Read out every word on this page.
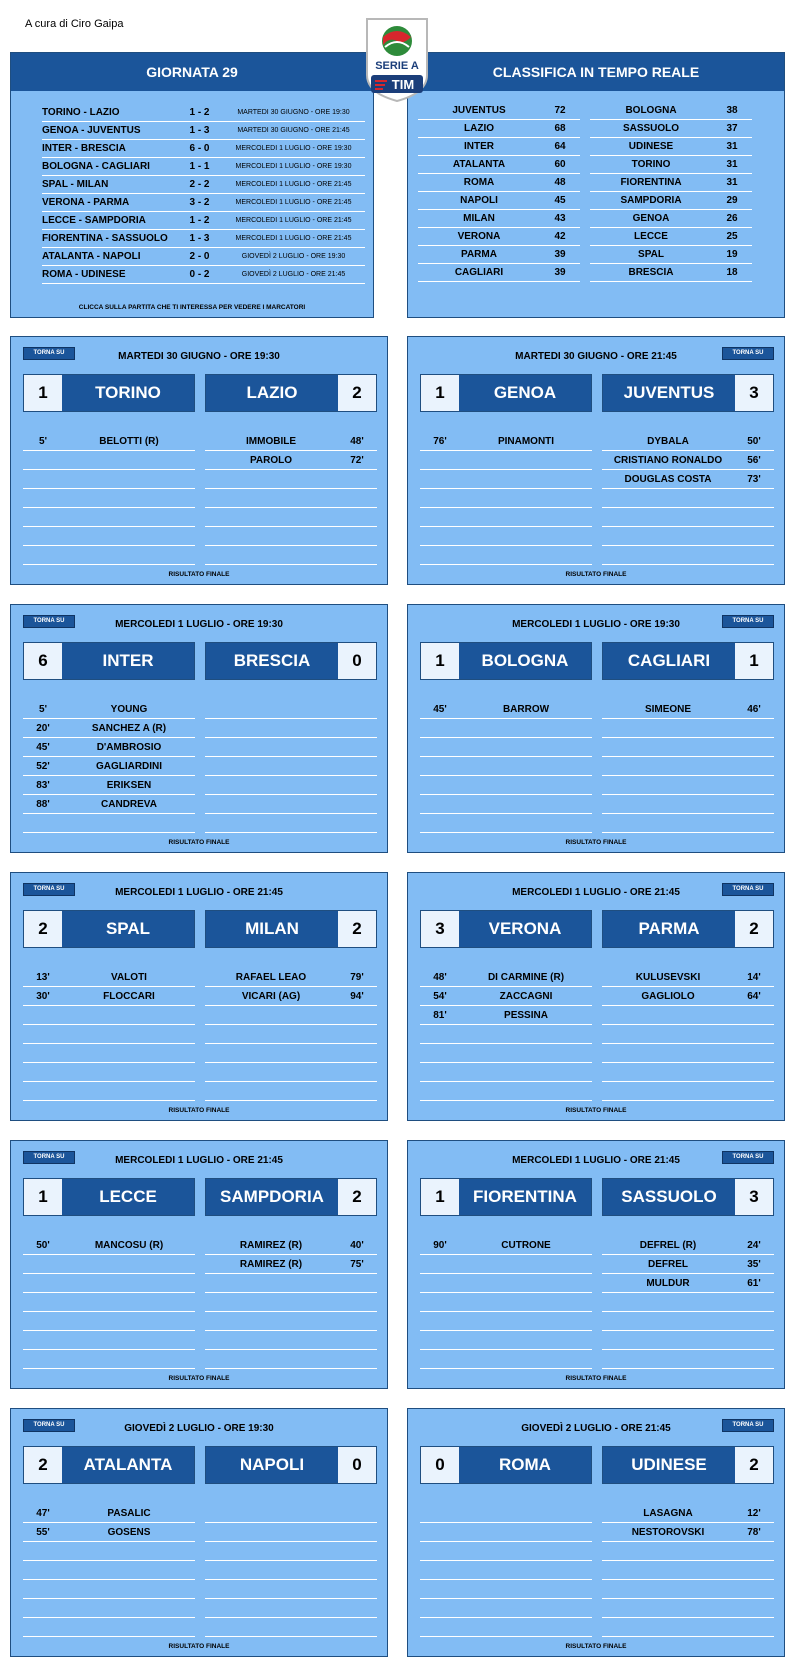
A cura di Ciro Gaipa
SERIE A
TIM
GIORNATA 29
TORINO - LAZIO	1 - 2	MARTEDI 30 GIUGNO - ORE 19:30
GENOA - JUVENTUS	1 - 3	MARTEDI 30 GIUGNO - ORE 21:45
INTER - BRESCIA	6 - 0	MERCOLEDI 1 LUGLIO - ORE 19:30
BOLOGNA - CAGLIARI	1 - 1	MERCOLEDI 1 LUGLIO - ORE 19:30
SPAL - MILAN	2 - 2	MERCOLEDI 1 LUGLIO - ORE 21:45
VERONA - PARMA	3 - 2	MERCOLEDI 1 LUGLIO - ORE 21:45
LECCE - SAMPDORIA	1 - 2	MERCOLEDI 1 LUGLIO - ORE 21:45
FIORENTINA - SASSUOLO	1 - 3	MERCOLEDI 1 LUGLIO - ORE 21:45
ATALANTA - NAPOLI	2 - 0	GIOVEDÌ 2 LUGLIO - ORE 19:30
ROMA - UDINESE	0 - 2	GIOVEDÌ 2 LUGLIO - ORE 21:45
CLICCA SULLA PARTITA CHE TI INTERESSA PER VEDERE I MARCATORI
CLASSIFICA IN TEMPO REALE
JUVENTUS	72
LAZIO	68
INTER	64
ATALANTA	60
ROMA	48
NAPOLI	45
MILAN	43
VERONA	42
PARMA	39
CAGLIARI	39
BOLOGNA	38
SASSUOLO	37
UDINESE	31
TORINO	31
FIORENTINA	31
SAMPDORIA	29
GENOA	26
LECCE	25
SPAL	19
BRESCIA	18
TORNA SU	MARTEDI 30 GIUGNO - ORE 19:30
1	TORINO	LAZIO	2
5'	BELOTTI (R)	IMMOBILE	48'
PAROLO	72'
RISULTATO FINALE
TORNA SU
MARTEDI 30 GIUGNO - ORE 21:45
1	GENOA	JUVENTUS	3
76'	PINAMONTI	DYBALA	50'
CRISTIANO RONALDO	56'
DOUGLAS COSTA	73'
RISULTATO FINALE
TORNA SU	MERCOLEDI 1 LUGLIO - ORE 19:30
6	INTER	BRESCIA	0
5'	YOUNG
20'	SANCHEZ A (R)
45'	D'AMBROSIO
52'	GAGLIARDINI
83'	ERIKSEN
88'	CANDREVA
RISULTATO FINALE
TORNA SU
MERCOLEDI 1 LUGLIO - ORE 19:30
1	BOLOGNA	CAGLIARI	1
45'	BARROW	SIMEONE	46'
RISULTATO FINALE
TORNA SU	MERCOLEDI 1 LUGLIO - ORE 21:45
2	SPAL	MILAN	2
13'	VALOTI
30'	FLOCCARI
RAFAEL LEAO	79'
VICARI (AG)	94'
RISULTATO FINALE
TORNA SU
MERCOLEDI 1 LUGLIO - ORE 21:45
3	VERONA	PARMA	2
48'	DI CARMINE (R)
54'	ZACCAGNI
81'	PESSINA
KULUSEVSKI	14'
GAGLIOLO	64'
RISULTATO FINALE
TORNA SU	MERCOLEDI 1 LUGLIO - ORE 21:45
1	LECCE	SAMPDORIA	2
50'	MANCOSU (R)	RAMIREZ (R)	40'
RAMIREZ (R)	75'
RISULTATO FINALE
TORNA SU
MERCOLEDI 1 LUGLIO - ORE 21:45
1	FIORENTINA	SASSUOLO	3
90'	CUTRONE	DEFREL (R)	24'
DEFREL	35'
MULDUR	61'
RISULTATO FINALE
TORNA SU	GIOVEDÌ 2 LUGLIO - ORE 19:30
2	ATALANTA	NAPOLI	0
47'	PASALIC
55'	GOSENS
RISULTATO FINALE
TORNA SU
GIOVEDÌ 2 LUGLIO - ORE 21:45
0	ROMA	UDINESE	2
LASAGNA	12'
NESTOROVSKI	78'
RISULTATO FINALE
